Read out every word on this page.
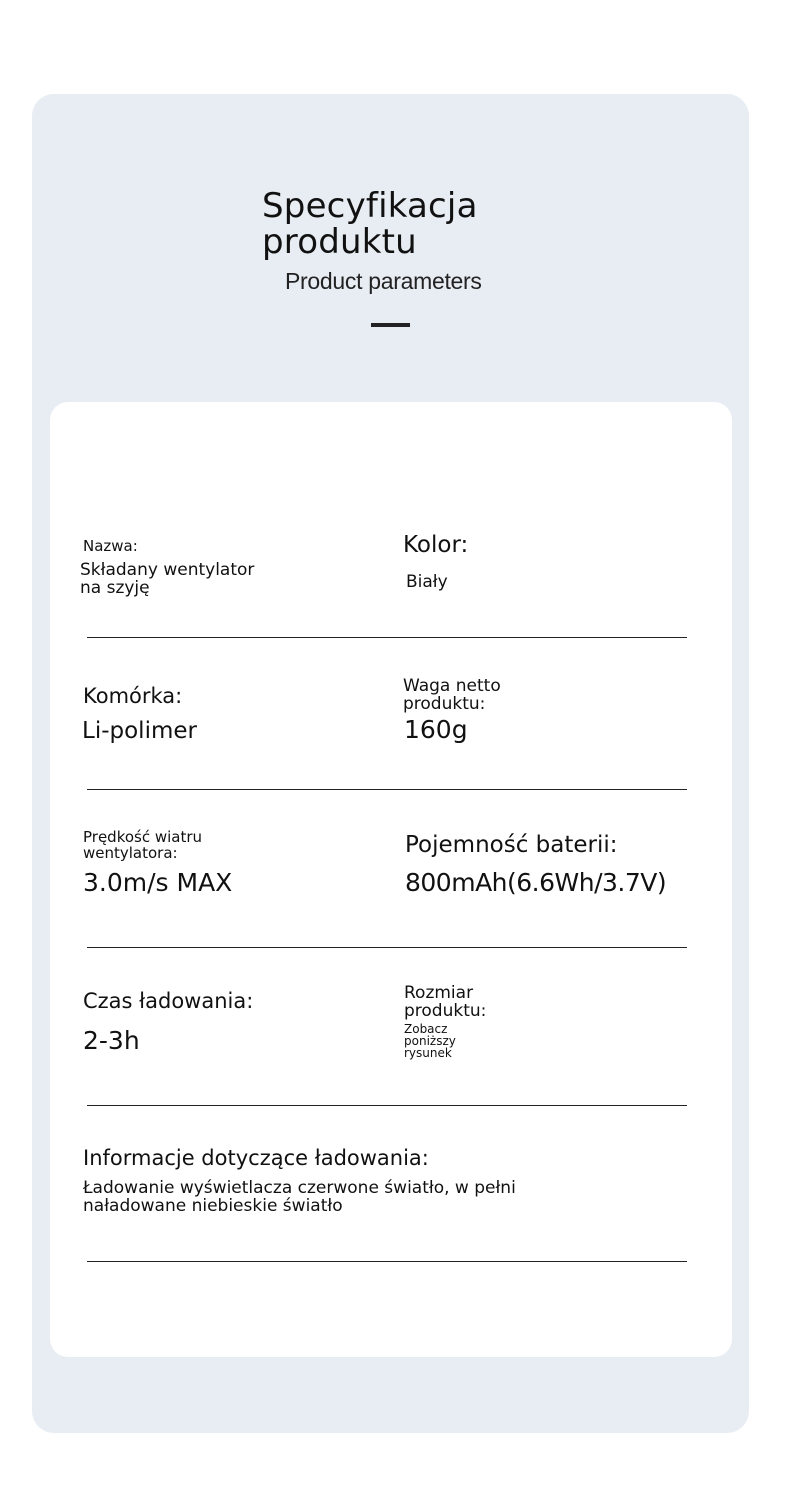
Specyfikacja produktu
Product parameters
Nazwa:
Składany wentylator na szyję
Kolor:
Biały
Komórka:
Li-polimer
Waga netto produktu:
160g
Prędkość wiatru wentylatora:
3.0m/s MAX
Pojemność baterii:
800mAh(6.6Wh/3.7V)
Czas ładowania:
2-3h
Rozmiar produktu:
Zobacz poniższy rysunek
Informacje dotyczące ładowania:
Ładowanie wyświetlacza czerwone światło, w pełni naładowane niebieskie światło
